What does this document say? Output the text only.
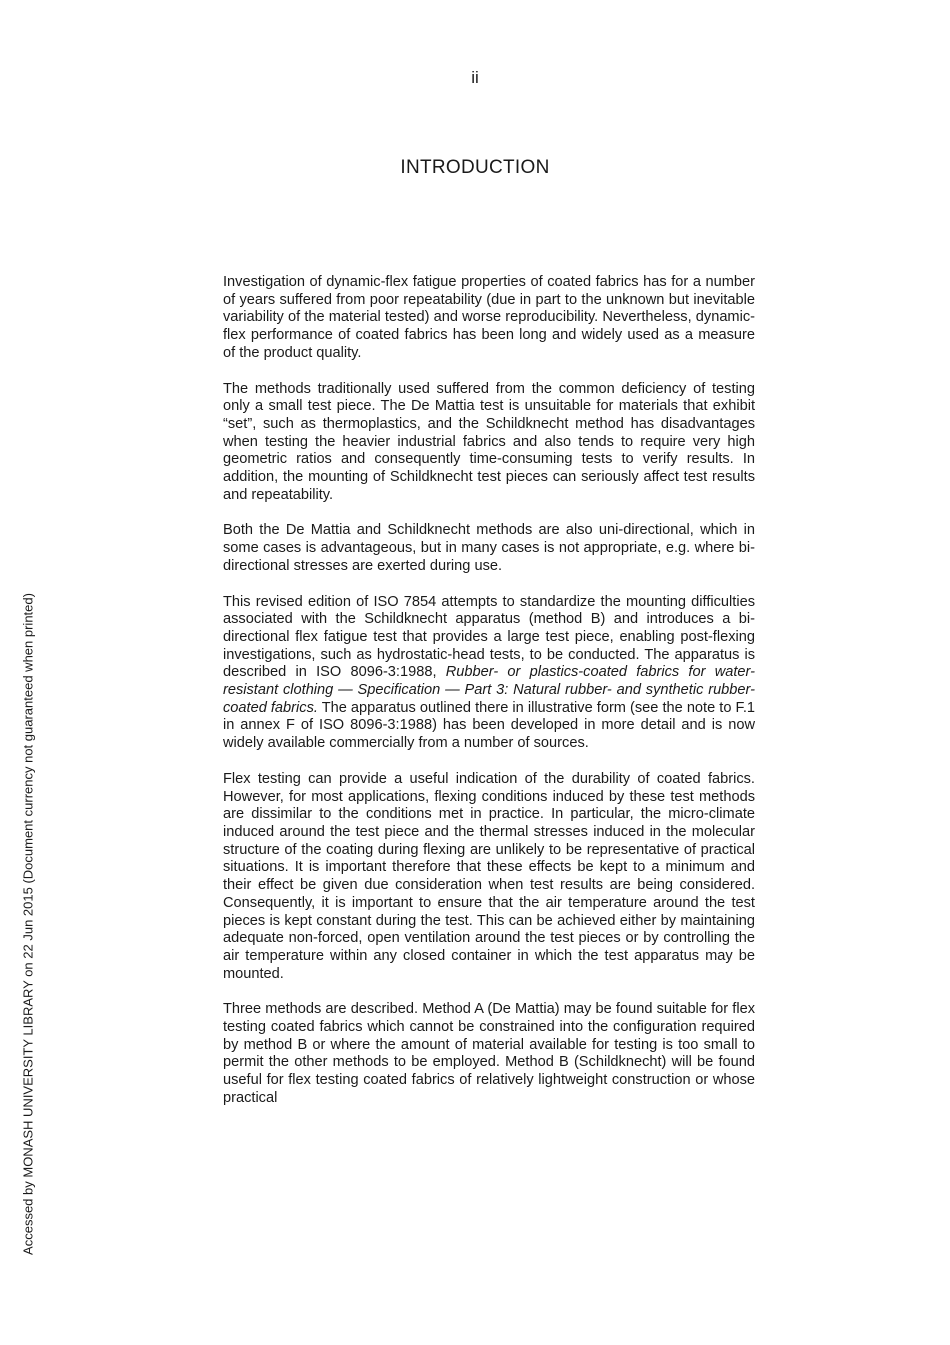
ii
INTRODUCTION

Investigation of dynamic-flex fatigue properties of coated fabrics has for a number of years suffered from poor repeatability (due in part to the unknown but inevitable variability of the material tested) and worse reproducibility. Nevertheless, dynamic-flex performance of coated fabrics has been long and widely used as a measure of the product quality.

The methods traditionally used suffered from the common deficiency of testing only a small test piece. The De Mattia test is unsuitable for materials that exhibit “set”, such as thermoplastics, and the Schildknecht method has disadvantages when testing the heavier industrial fabrics and also tends to require very high geometric ratios and consequently time-consuming tests to verify results. In addition, the mounting of Schildknecht test pieces can seriously affect test results and repeatability.

Both the De Mattia and Schildknecht methods are also uni-directional, which in some cases is advantageous, but in many cases is not appropriate, e.g. where bi-directional stresses are exerted during use.

This revised edition of ISO 7854 attempts to standardize the mounting difficulties associated with the Schildknecht apparatus (method B) and introduces a bi-directional flex fatigue test that provides a large test piece, enabling post-flexing investigations, such as hydrostatic-head tests, to be conducted. The apparatus is described in ISO 8096-3:1988, Rubber- or plastics-coated fabrics for water-resistant clothing — Specification — Part 3: Natural rubber- and synthetic rubber-coated fabrics. The apparatus outlined there in illustrative form (see the note to F.1 in annex F of ISO 8096-3:1988) has been developed in more detail and is now widely available commercially from a number of sources.

Flex testing can provide a useful indication of the durability of coated fabrics. However, for most applications, flexing conditions induced by these test methods are dissimilar to the conditions met in practice. In particular, the micro-climate induced around the test piece and the thermal stresses induced in the molecular structure of the coating during flexing are unlikely to be representative of practical situations. It is important therefore that these effects be kept to a minimum and their effect be given due consideration when test results are being considered. Consequently, it is important to ensure that the air temperature around the test pieces is kept constant during the test. This can be achieved either by maintaining adequate non-forced, open ventilation around the test pieces or by controlling the air temperature within any closed container in which the test apparatus may be mounted.

Three methods are described. Method A (De Mattia) may be found suitable for flex testing coated fabrics which cannot be constrained into the configuration required by method B or where the amount of material available for testing is too small to permit the other methods to be employed. Method B (Schildknecht) will be found useful for flex testing coated fabrics of relatively lightweight construction or whose practical

Accessed by MONASH UNIVERSITY LIBRARY on 22 Jun 2015 (Document currency not guaranteed when printed)
